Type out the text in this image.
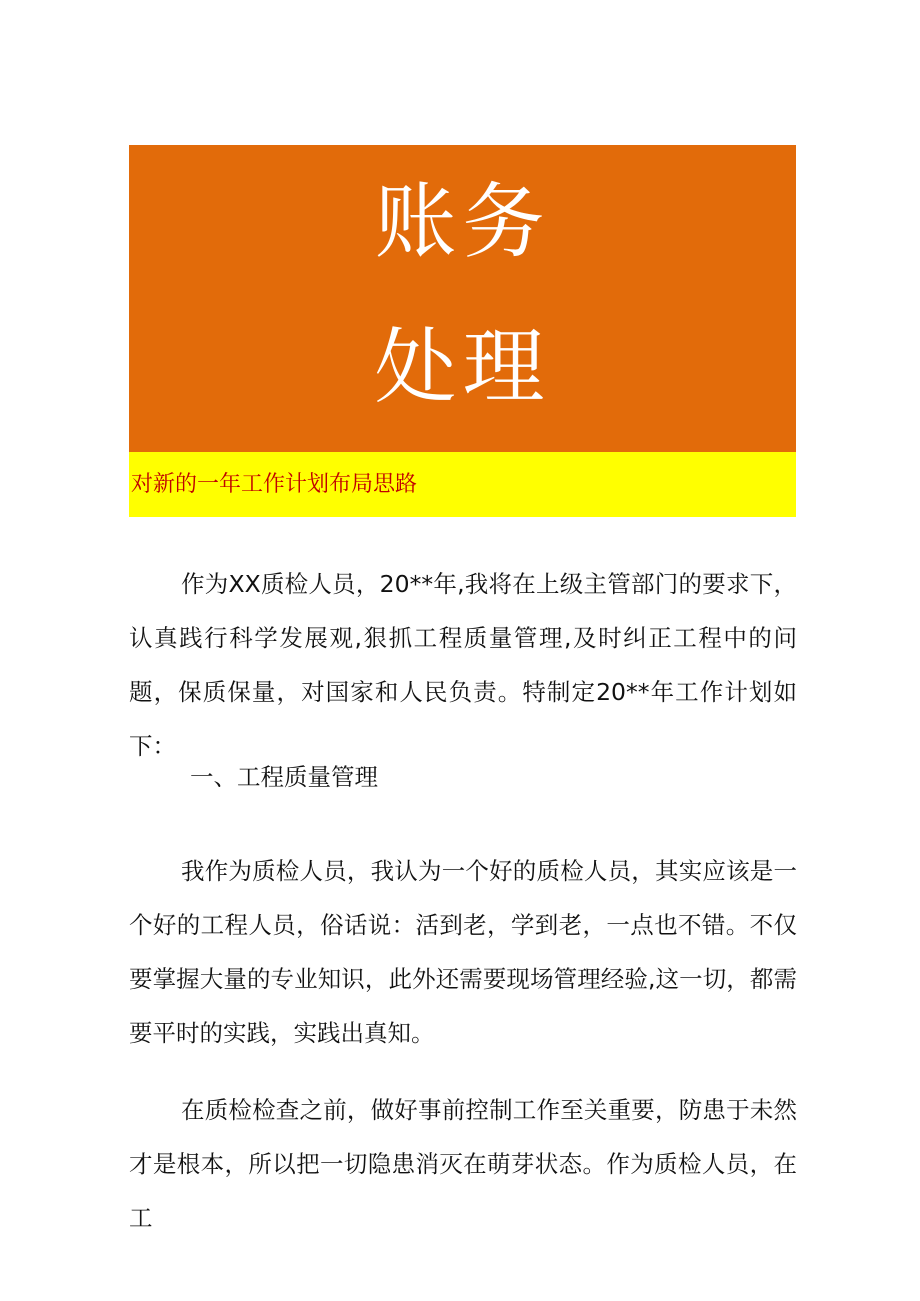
账务
处理
对新的一年工作计划布局思路

作为XX质检人员，20**年,我将在上级主管部门的要求下，认真践行科学发展观,狠抓工程质量管理,及时纠正工程中的问题，保质保量，对国家和人民负责。特制定20**年工作计划如下：

一、工程质量管理

我作为质检人员，我认为一个好的质检人员，其实应该是一个好的工程人员，俗话说：活到老，学到老，一点也不错。不仅要掌握大量的专业知识，此外还需要现场管理经验,这一切，都需要平时的实践，实践出真知。

在质检检查之前，做好事前控制工作至关重要，防患于未然才是根本，所以把一切隐患消灭在萌芽状态。作为质检人员，在工
